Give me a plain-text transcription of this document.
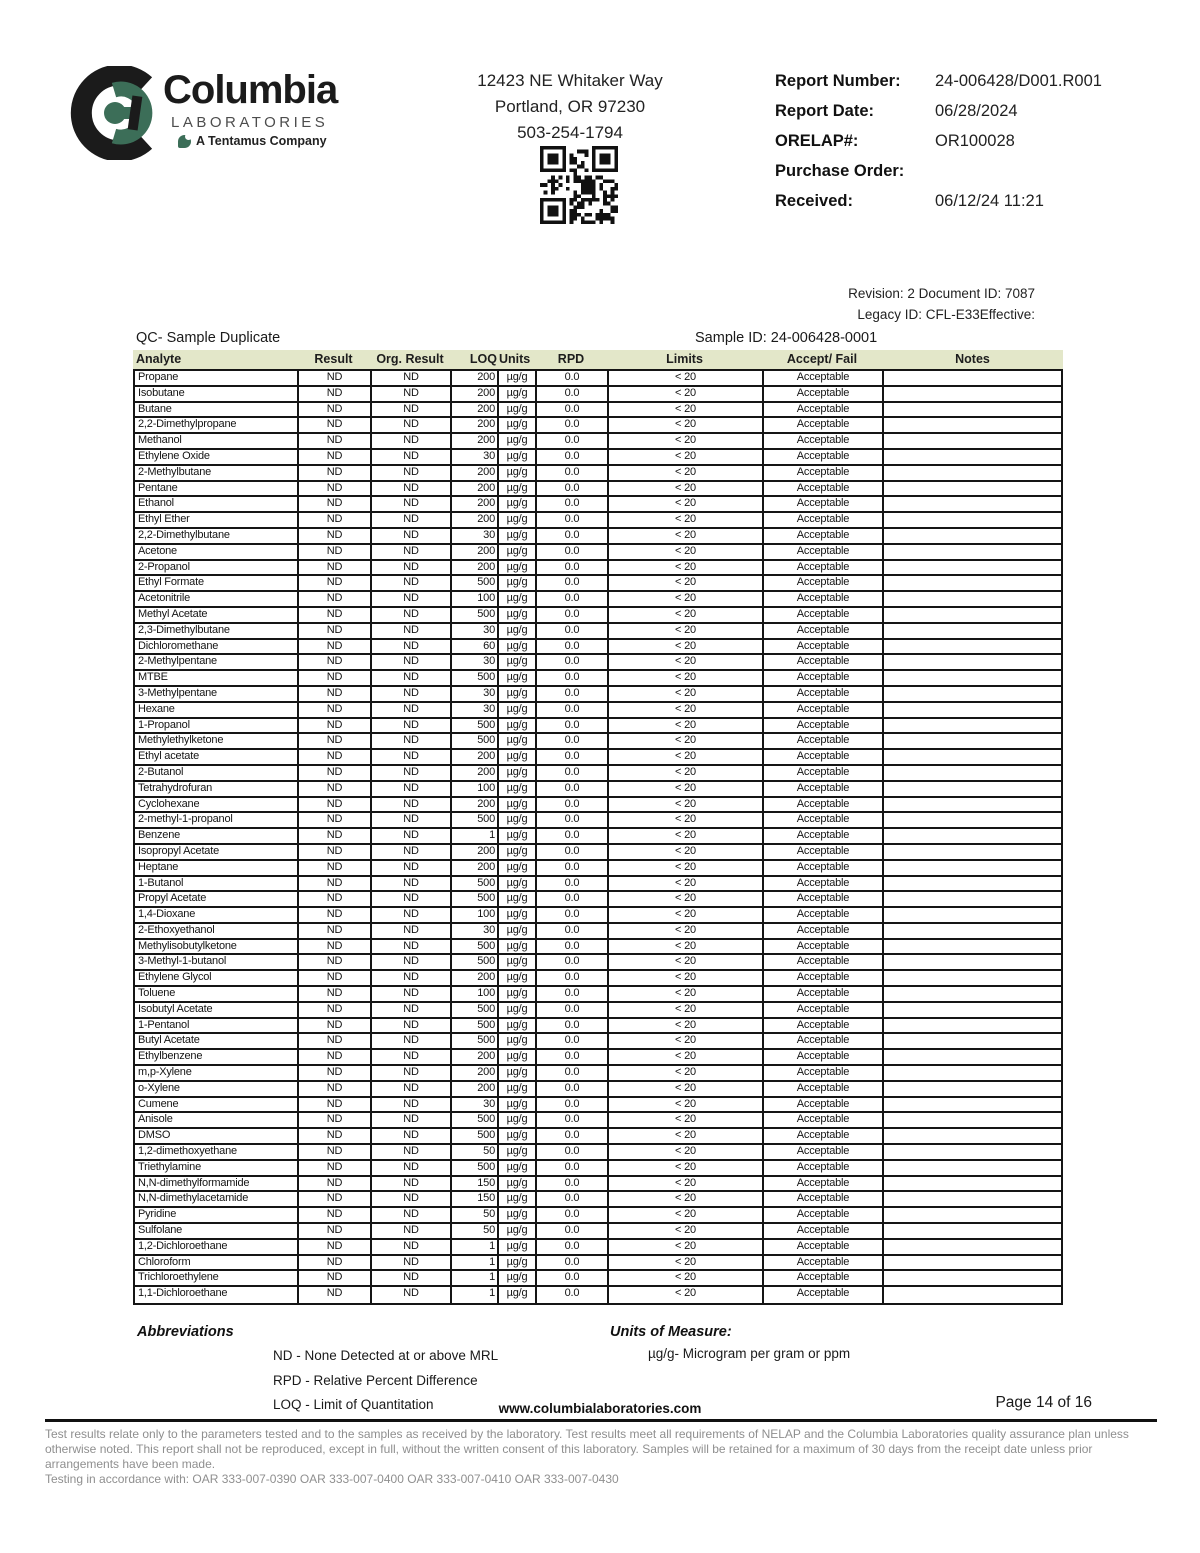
Columbia
LABORATORIES
A Tentamus Company
12423 NE Whitaker Way
Portland, OR 97230
503-254-1794
Report Number:	24-006428/D001.R001
Report Date:	06/28/2024
ORELAP#:	OR100028
Purchase Order:
Received:	06/12/24 11:21
Revision: 2 Document ID: 7087
Legacy ID: CFL-E33Effective:
QC- Sample Duplicate	Sample ID: 24-006428-0001
Analyte	Result	Org. Result	LOQ Units	RPD	Limits	Accept/ Fail	Notes
Propane	ND	ND	200	µg/g	0.0	< 20	Acceptable
Isobutane	ND	ND	200	µg/g	0.0	< 20	Acceptable
Butane	ND	ND	200	µg/g	0.0	< 20	Acceptable
2,2-Dimethylpropane	ND	ND	200	µg/g	0.0	< 20	Acceptable
Methanol	ND	ND	200	µg/g	0.0	< 20	Acceptable
Ethylene Oxide	ND	ND	30	µg/g	0.0	< 20	Acceptable
2-Methylbutane	ND	ND	200	µg/g	0.0	< 20	Acceptable
Pentane	ND	ND	200	µg/g	0.0	< 20	Acceptable
Ethanol	ND	ND	200	µg/g	0.0	< 20	Acceptable
Ethyl Ether	ND	ND	200	µg/g	0.0	< 20	Acceptable
2,2-Dimethylbutane	ND	ND	30	µg/g	0.0	< 20	Acceptable
Acetone	ND	ND	200	µg/g	0.0	< 20	Acceptable
2-Propanol	ND	ND	200	µg/g	0.0	< 20	Acceptable
Ethyl Formate	ND	ND	500	µg/g	0.0	< 20	Acceptable
Acetonitrile	ND	ND	100	µg/g	0.0	< 20	Acceptable
Methyl Acetate	ND	ND	500	µg/g	0.0	< 20	Acceptable
2,3-Dimethylbutane	ND	ND	30	µg/g	0.0	< 20	Acceptable
Dichloromethane	ND	ND	60	µg/g	0.0	< 20	Acceptable
2-Methylpentane	ND	ND	30	µg/g	0.0	< 20	Acceptable
MTBE	ND	ND	500	µg/g	0.0	< 20	Acceptable
3-Methylpentane	ND	ND	30	µg/g	0.0	< 20	Acceptable
Hexane	ND	ND	30	µg/g	0.0	< 20	Acceptable
1-Propanol	ND	ND	500	µg/g	0.0	< 20	Acceptable
Methylethylketone	ND	ND	500	µg/g	0.0	< 20	Acceptable
Ethyl acetate	ND	ND	200	µg/g	0.0	< 20	Acceptable
2-Butanol	ND	ND	200	µg/g	0.0	< 20	Acceptable
Tetrahydrofuran	ND	ND	100	µg/g	0.0	< 20	Acceptable
Cyclohexane	ND	ND	200	µg/g	0.0	< 20	Acceptable
2-methyl-1-propanol	ND	ND	500	µg/g	0.0	< 20	Acceptable
Benzene	ND	ND	1	µg/g	0.0	< 20	Acceptable
Isopropyl Acetate	ND	ND	200	µg/g	0.0	< 20	Acceptable
Heptane	ND	ND	200	µg/g	0.0	< 20	Acceptable
1-Butanol	ND	ND	500	µg/g	0.0	< 20	Acceptable
Propyl Acetate	ND	ND	500	µg/g	0.0	< 20	Acceptable
1,4-Dioxane	ND	ND	100	µg/g	0.0	< 20	Acceptable
2-Ethoxyethanol	ND	ND	30	µg/g	0.0	< 20	Acceptable
Methylisobutylketone	ND	ND	500	µg/g	0.0	< 20	Acceptable
3-Methyl-1-butanol	ND	ND	500	µg/g	0.0	< 20	Acceptable
Ethylene Glycol	ND	ND	200	µg/g	0.0	< 20	Acceptable
Toluene	ND	ND	100	µg/g	0.0	< 20	Acceptable
Isobutyl Acetate	ND	ND	500	µg/g	0.0	< 20	Acceptable
1-Pentanol	ND	ND	500	µg/g	0.0	< 20	Acceptable
Butyl Acetate	ND	ND	500	µg/g	0.0	< 20	Acceptable
Ethylbenzene	ND	ND	200	µg/g	0.0	< 20	Acceptable
m,p-Xylene	ND	ND	200	µg/g	0.0	< 20	Acceptable
o-Xylene	ND	ND	200	µg/g	0.0	< 20	Acceptable
Cumene	ND	ND	30	µg/g	0.0	< 20	Acceptable
Anisole	ND	ND	500	µg/g	0.0	< 20	Acceptable
DMSO	ND	ND	500	µg/g	0.0	< 20	Acceptable
1,2-dimethoxyethane	ND	ND	50	µg/g	0.0	< 20	Acceptable
Triethylamine	ND	ND	500	µg/g	0.0	< 20	Acceptable
N,N-dimethylformamide	ND	ND	150	µg/g	0.0	< 20	Acceptable
N,N-dimethylacetamide	ND	ND	150	µg/g	0.0	< 20	Acceptable
Pyridine	ND	ND	50	µg/g	0.0	< 20	Acceptable
Sulfolane	ND	ND	50	µg/g	0.0	< 20	Acceptable
1,2-Dichloroethane	ND	ND	1	µg/g	0.0	< 20	Acceptable
Chloroform	ND	ND	1	µg/g	0.0	< 20	Acceptable
Trichloroethylene	ND	ND	1	µg/g	0.0	< 20	Acceptable
1,1-Dichloroethane	ND	ND	1	µg/g	0.0	< 20	Acceptable
Abbreviations
ND - None Detected at or above MRL
RPD - Relative Percent Difference
LOQ - Limit of Quantitation
Units of Measure:
µg/g- Microgram per gram or ppm
Page 14 of 16
www.columbialaboratories.com
Test results relate only to the parameters tested and to the samples as received by the laboratory. Test results meet all requirements of NELAP and the Columbia Laboratories quality assurance plan unless otherwise noted. This report shall not be reproduced, except in full, without the written consent of this laboratory. Samples will be retained for a maximum of 30 days from the receipt date unless prior arrangements have been made.
Testing in accordance with: OAR 333-007-0390 OAR 333-007-0400 OAR 333-007-0410 OAR 333-007-0430
